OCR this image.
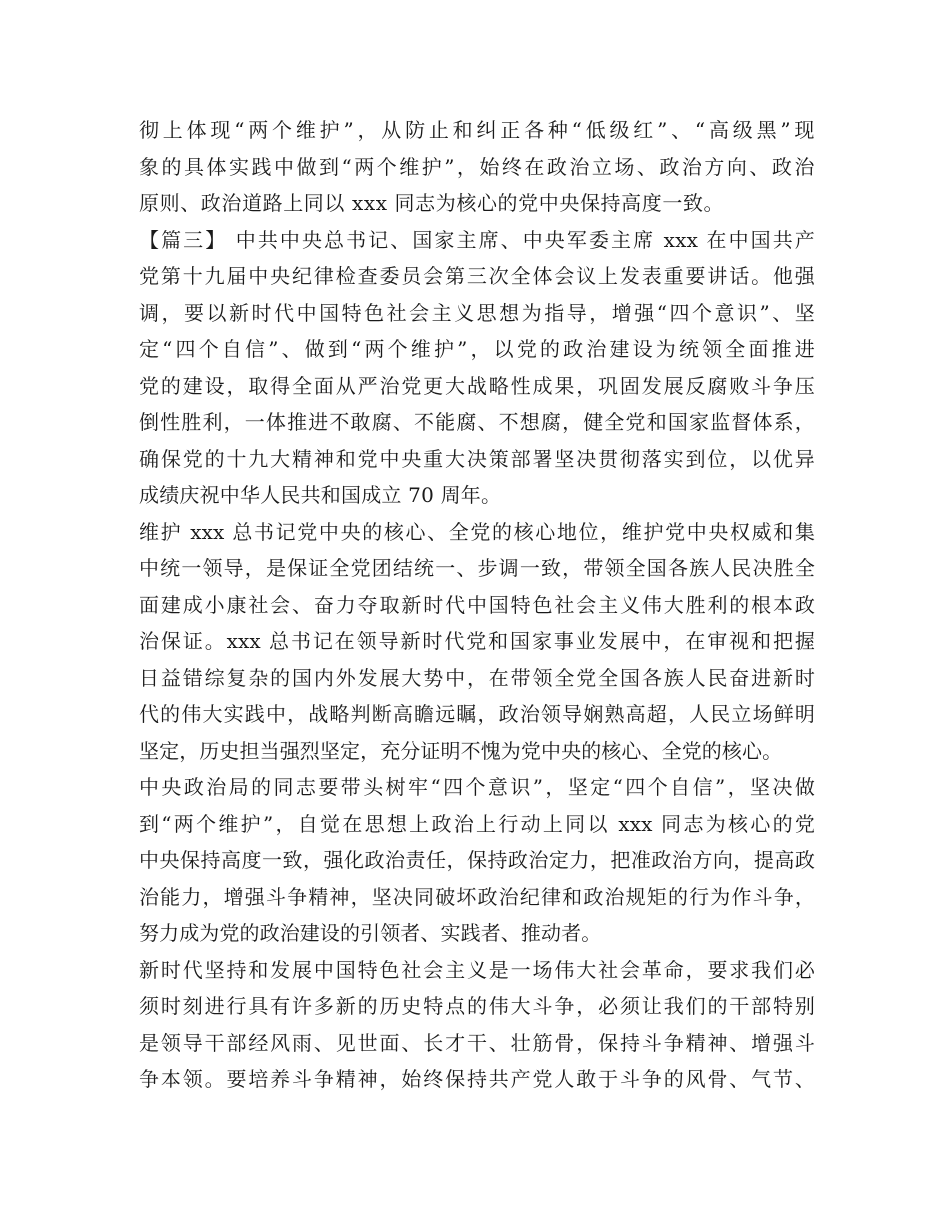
彻上体现“两个维护”，从防止和纠正各种“低级红”、“高级黑”现
象的具体实践中做到“两个维护”，始终在政治立场、政治方向、政治
原则、政治道路上同以 xxx 同志为核心的党中央保持高度一致。
【篇三】 中共中央总书记、国家主席、中央军委主席 xxx 在中国共产
党第十九届中央纪律检查委员会第三次全体会议上发表重要讲话。他强
调，要以新时代中国特色社会主义思想为指导，增强“四个意识”、坚
定“四个自信”、做到“两个维护”，以党的政治建设为统领全面推进
党的建设，取得全面从严治党更大战略性成果，巩固发展反腐败斗争压
倒性胜利，一体推进不敢腐、不能腐、不想腐，健全党和国家监督体系，
确保党的十九大精神和党中央重大决策部署坚决贯彻落实到位，以优异
成绩庆祝中华人民共和国成立 70 周年。
维护 xxx 总书记党中央的核心、全党的核心地位，维护党中央权威和集
中统一领导，是保证全党团结统一、步调一致，带领全国各族人民决胜全
面建成小康社会、奋力夺取新时代中国特色社会主义伟大胜利的根本政
治保证。xxx 总书记在领导新时代党和国家事业发展中，在审视和把握
日益错综复杂的国内外发展大势中，在带领全党全国各族人民奋进新时
代的伟大实践中，战略判断高瞻远瞩，政治领导娴熟高超，人民立场鲜明
坚定，历史担当强烈坚定，充分证明不愧为党中央的核心、全党的核心。
中央政治局的同志要带头树牢“四个意识”，坚定“四个自信”，坚决做
到“两个维护”，自觉在思想上政治上行动上同以 xxx 同志为核心的党
中央保持高度一致，强化政治责任，保持政治定力，把准政治方向，提高政
治能力，增强斗争精神，坚决同破坏政治纪律和政治规矩的行为作斗争，
努力成为党的政治建设的引领者、实践者、推动者。
新时代坚持和发展中国特色社会主义是一场伟大社会革命，要求我们必
须时刻进行具有许多新的历史特点的伟大斗争，必须让我们的干部特别
是领导干部经风雨、见世面、长才干、壮筋骨，保持斗争精神、增强斗
争本领。要培养斗争精神，始终保持共产党人敢于斗争的风骨、气节、
